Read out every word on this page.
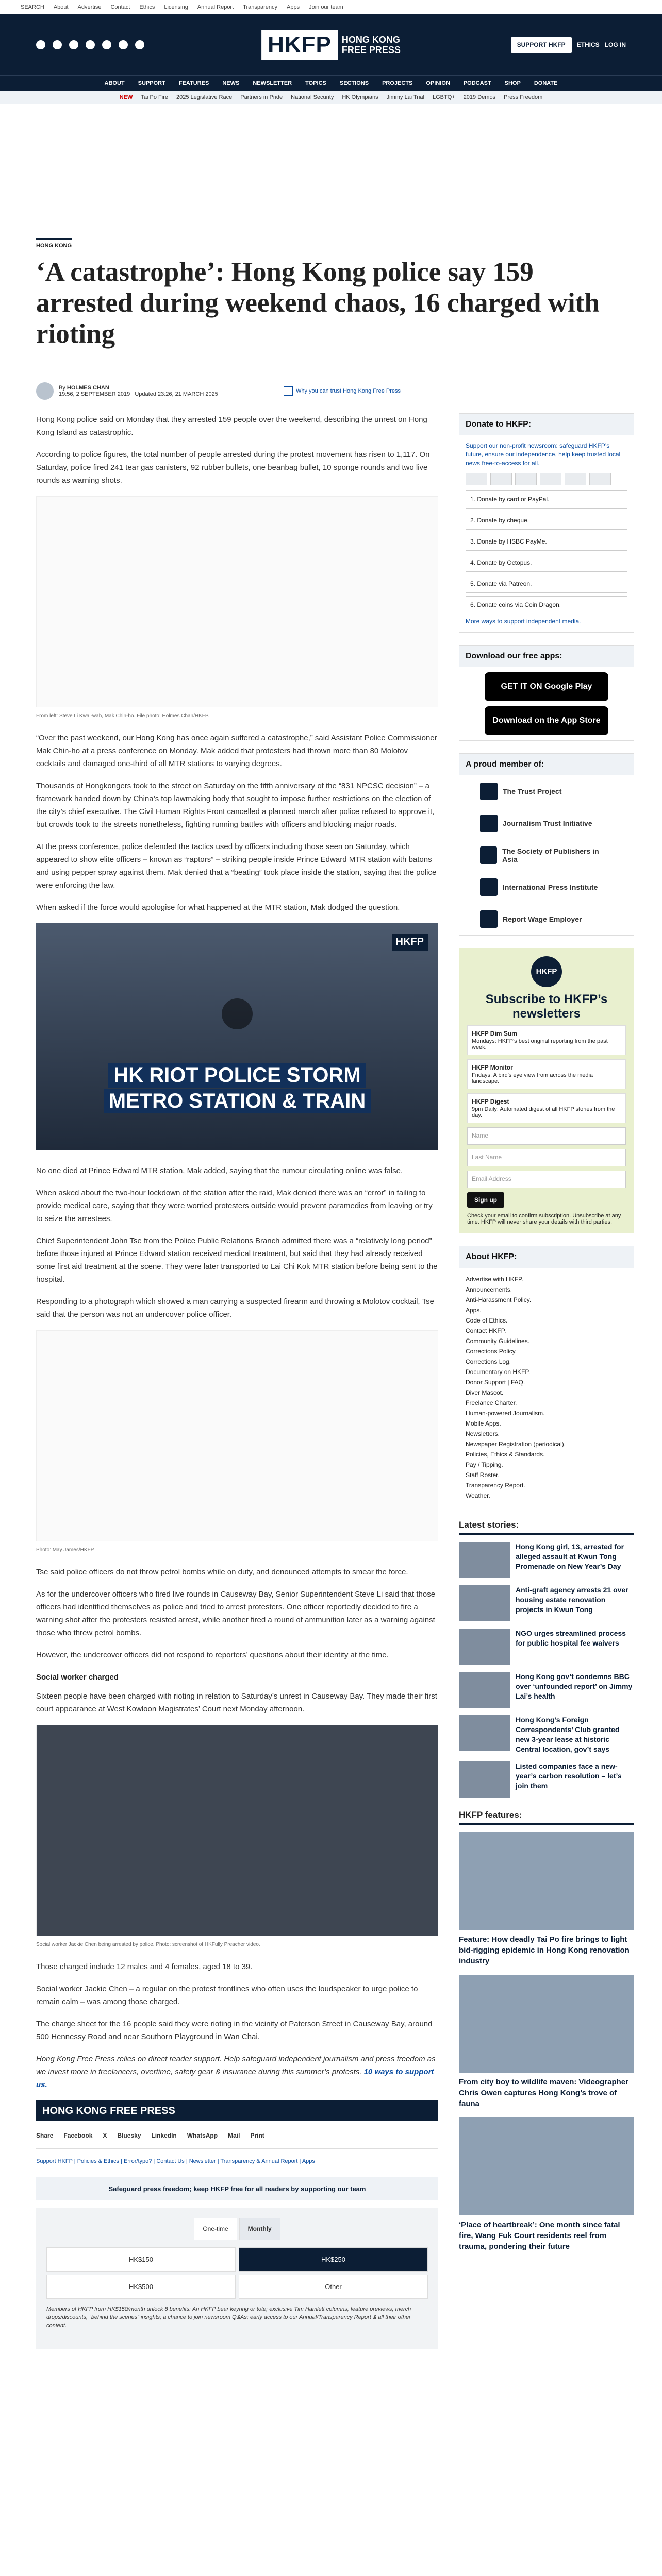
SEARCH About Advertise Contact Ethics Licensing Annual Report Transparency Apps Join our team
HKFP	HONG KONG
FREE PRESS	SUPPORT HKFP	ETHICS LOG IN
ABOUT SUPPORT FEATURES NEWS NEWSLETTER TOPICS SECTIONS PROJECTS OPINION PODCAST SHOP DONATE
NEW Tai Po Fire 2025 Legislative Race Partners in Pride National Security HK Olympians Jimmy Lai Trial LGBTQ+ 2019 Demos Press Freedom
HONG KONG
‘A catastrophe’: Hong Kong police say 159 arrested during weekend chaos, 16 charged with rioting
By HOLMES CHAN
19:56, 2 SEPTEMBER 2019 Updated 23:26, 21 MARCH 2025	Why you can trust Hong Kong Free Press

Hong Kong police said on Monday that they arrested 159 people over the weekend, describing the unrest on Hong Kong Island as catastrophic.

According to police figures, the total number of people arrested during the protest movement has risen to 1,117. On Saturday, police fired 241 tear gas canisters, 92 rubber bullets, one beanbag bullet, 10 sponge rounds and two live rounds as warning shots.

From left: Steve Li Kwai-wah, Mak Chin-ho. File photo: Holmes Chan/HKFP.

“Over the past weekend, our Hong Kong has once again suffered a catastrophe,” said Assistant Police Commissioner Mak Chin-ho at a press conference on Monday. Mak added that protesters had thrown more than 80 Molotov cocktails and damaged one-third of all MTR stations to varying degrees.

Thousands of Hongkongers took to the street on Saturday on the fifth anniversary of the “831 NPCSC decision” – a framework handed down by China’s top lawmaking body that sought to impose further restrictions on the election of the city’s chief executive. The Civil Human Rights Front cancelled a planned march after police refused to approve it, but crowds took to the streets nonetheless, fighting running battles with officers and blocking major roads.

At the press conference, police defended the tactics used by officers including those seen on Saturday, which appeared to show elite officers – known as “raptors” – striking people inside Prince Edward MTR station with batons and using pepper spray against them. Mak denied that a “beating” took place inside the station, saying that the police were enforcing the law.

When asked if the force would apologise for what happened at the MTR station, Mak dodged the question.

HKFP
HK RIOT POLICE STORM
METRO STATION & TRAIN

No one died at Prince Edward MTR station, Mak added, saying that the rumour circulating online was false.

When asked about the two-hour lockdown of the station after the raid, Mak denied there was an “error” in failing to provide medical care, saying that they were worried protesters outside would prevent paramedics from leaving or try to seize the arrestees.

Chief Superintendent John Tse from the Police Public Relations Branch admitted there was a “relatively long period” before those injured at Prince Edward station received medical treatment, but said that they had already received some first aid treatment at the scene. They were later transported to Lai Chi Kok MTR station before being sent to the hospital.

Responding to a photograph which showed a man carrying a suspected firearm and throwing a Molotov cocktail, Tse said that the person was not an undercover police officer.

Photo: May James/HKFP.

Tse said police officers do not throw petrol bombs while on duty, and denounced attempts to smear the force.

As for the undercover officers who fired live rounds in Causeway Bay, Senior Superintendent Steve Li said that those officers had identified themselves as police and tried to arrest protesters. One officer reportedly decided to fire a warning shot after the protesters resisted arrest, while another fired a round of ammunition later as a warning against those who threw petrol bombs.

However, the undercover officers did not respond to reporters’ questions about their identity at the time.

Social worker charged

Sixteen people have been charged with rioting in relation to Saturday’s unrest in Causeway Bay. They made their first court appearance at West Kowloon Magistrates’ Court next Monday afternoon.

Social worker Jackie Chen being arrested by police. Photo: screenshot of HKFully Preacher video.

Those charged include 12 males and 4 females, aged 18 to 39.

Social worker Jackie Chen – a regular on the protest frontlines who often uses the loudspeaker to urge police to remain calm – was among those charged.

The charge sheet for the 16 people said they were rioting in the vicinity of Paterson Street in Causeway Bay, around 500 Hennessy Road and near Southorn Playground in Wan Chai.

Hong Kong Free Press relies on direct reader support. Help safeguard independent journalism and press freedom as we invest more in freelancers, overtime, safety gear & insurance during this summer’s protests. 10 ways to support us.

HONG KONG FREE PRESS
Share Facebook X Bluesky LinkedIn WhatsApp Mail Print
Support HKFP | Policies & Ethics | Error/typo? | Contact Us | Newsletter | Transparency & Annual Report | Apps
Safeguard press freedom; keep HKFP free for all readers by supporting our team
One-time	Monthly
HK$150	HK$250
HK$500	Other

Members of HKFP from HK$150/month unlock 8 benefits: An HKFP bear keyring or tote; exclusive Tim Hamlett columns, feature previews; merch drops/discounts, “behind the scenes” insights; a chance to join newsroom Q&As; early access to our Annual/Transparency Report & all their other content.

Donate to HKFP:
Support our non-profit newsroom: safeguard HKFP’s future, ensure our independence, help keep trusted local news free-to-access for all.
1. Donate by card or PayPal.
2. Donate by cheque.
3. Donate by HSBC PayMe.
4. Donate by Octopus.
5. Donate via Patreon.
6. Donate coins via Coin Dragon.
More ways to support independent media.
Download our free apps:
GET IT ON Google Play
Download on the App Store
A proud member of:
The Trust Project
Journalism Trust Initiative
The Society of Publishers in Asia
International Press Institute
Report Wage Employer
HKFP
Subscribe to HKFP’s newsletters
HKFP Dim Sum
Mondays: HKFP's best original reporting from the past week.
HKFP Monitor
Fridays: A bird's eye view from across the media landscape.
HKFP Digest
9pm Daily: Automated digest of all HKFP stories from the day.
Name
Last Name
Email Address
Sign up

Check your email to confirm subscription. Unsubscribe at any time. HKFP will never share your details with third parties.

About HKFP:
Advertise with HKFP.
Announcements.
Anti-Harassment Policy.
Apps.
Code of Ethics.
Contact HKFP.
Community Guidelines.
Corrections Policy.
Corrections Log.
Documentary on HKFP.
Donor Support | FAQ.
Diver Mascot.
Freelance Charter.
Human-powered Journalism.
Mobile Apps.
Newsletters.
Newspaper Registration (periodical).
Policies, Ethics & Standards.
Pay / Tipping.
Staff Roster.
Transparency Report.
Weather.
Latest stories:
Hong Kong girl, 13, arrested for alleged assault at Kwun Tong Promenade on New Year’s Day
Anti-graft agency arrests 21 over housing estate renovation projects in Kwun Tong
NGO urges streamlined process for public hospital fee waivers
Hong Kong gov’t condemns BBC over ‘unfounded report’ on Jimmy Lai’s health
Hong Kong’s Foreign Correspondents’ Club granted new 3-year lease at historic Central location, gov’t says
Listed companies face a new-year’s carbon resolution – let’s join them
HKFP features:
Feature: How deadly Tai Po fire brings to light bid-rigging epidemic in Hong Kong renovation industry
From city boy to wildlife maven: Videographer Chris Owen captures Hong Kong’s trove of fauna
‘Place of heartbreak’: One month since fatal fire, Wang Fuk Court residents reel from trauma, pondering their future
